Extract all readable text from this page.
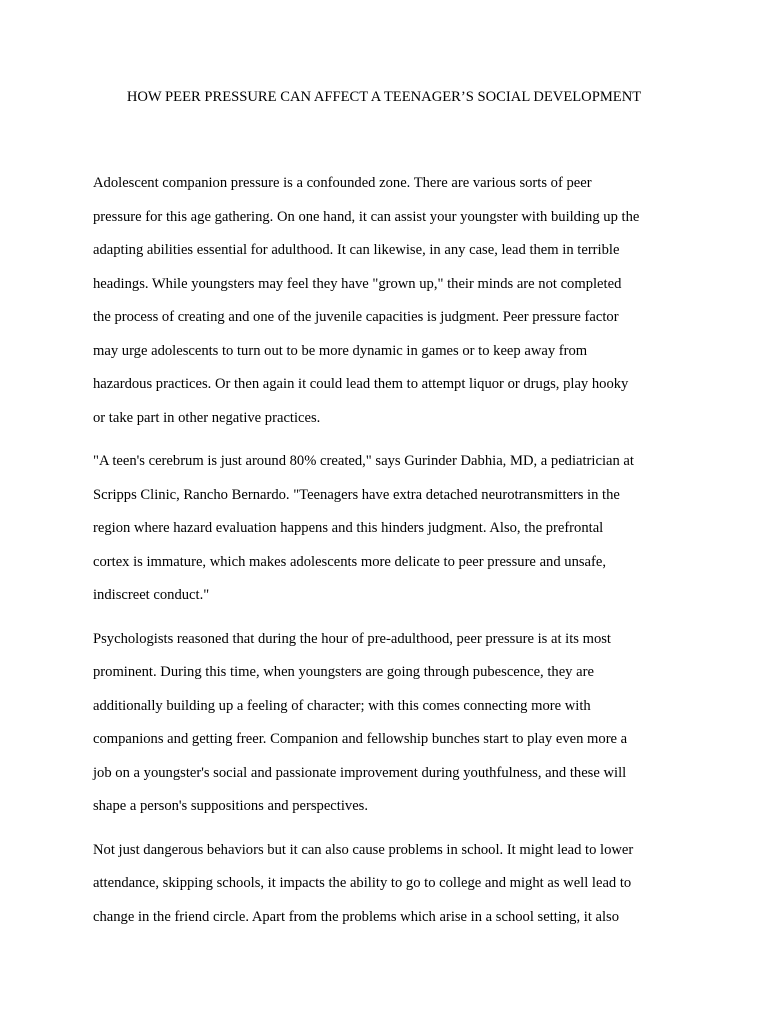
HOW PEER PRESSURE CAN AFFECT A TEENAGER’S SOCIAL DEVELOPMENT

Adolescent companion pressure is a confounded zone. There are various sorts of peer
pressure for this age gathering. On one hand, it can assist your youngster with building up the
adapting abilities essential for adulthood. It can likewise, in any case, lead them in terrible
headings. While youngsters may feel they have "grown up," their minds are not completed
the process of creating and one of the juvenile capacities is judgment. Peer pressure factor
may urge adolescents to turn out to be more dynamic in games or to keep away from
hazardous practices. Or then again it could lead them to attempt liquor or drugs, play hooky
or take part in other negative practices.

"A teen's cerebrum is just around 80% created," says Gurinder Dabhia, MD, a pediatrician at
Scripps Clinic, Rancho Bernardo. "Teenagers have extra detached neurotransmitters in the
region where hazard evaluation happens and this hinders judgment. Also, the prefrontal
cortex is immature, which makes adolescents more delicate to peer pressure and unsafe,
indiscreet conduct."

Psychologists reasoned that during the hour of pre-adulthood, peer pressure is at its most
prominent. During this time, when youngsters are going through pubescence, they are
additionally building up a feeling of character; with this comes connecting more with
companions and getting freer. Companion and fellowship bunches start to play even more a
job on a youngster's social and passionate improvement during youthfulness, and these will
shape a person's suppositions and perspectives.

Not just dangerous behaviors but it can also cause problems in school. It might lead to lower
attendance, skipping schools, it impacts the ability to go to college and might as well lead to
change in the friend circle. Apart from the problems which arise in a school setting, it also
